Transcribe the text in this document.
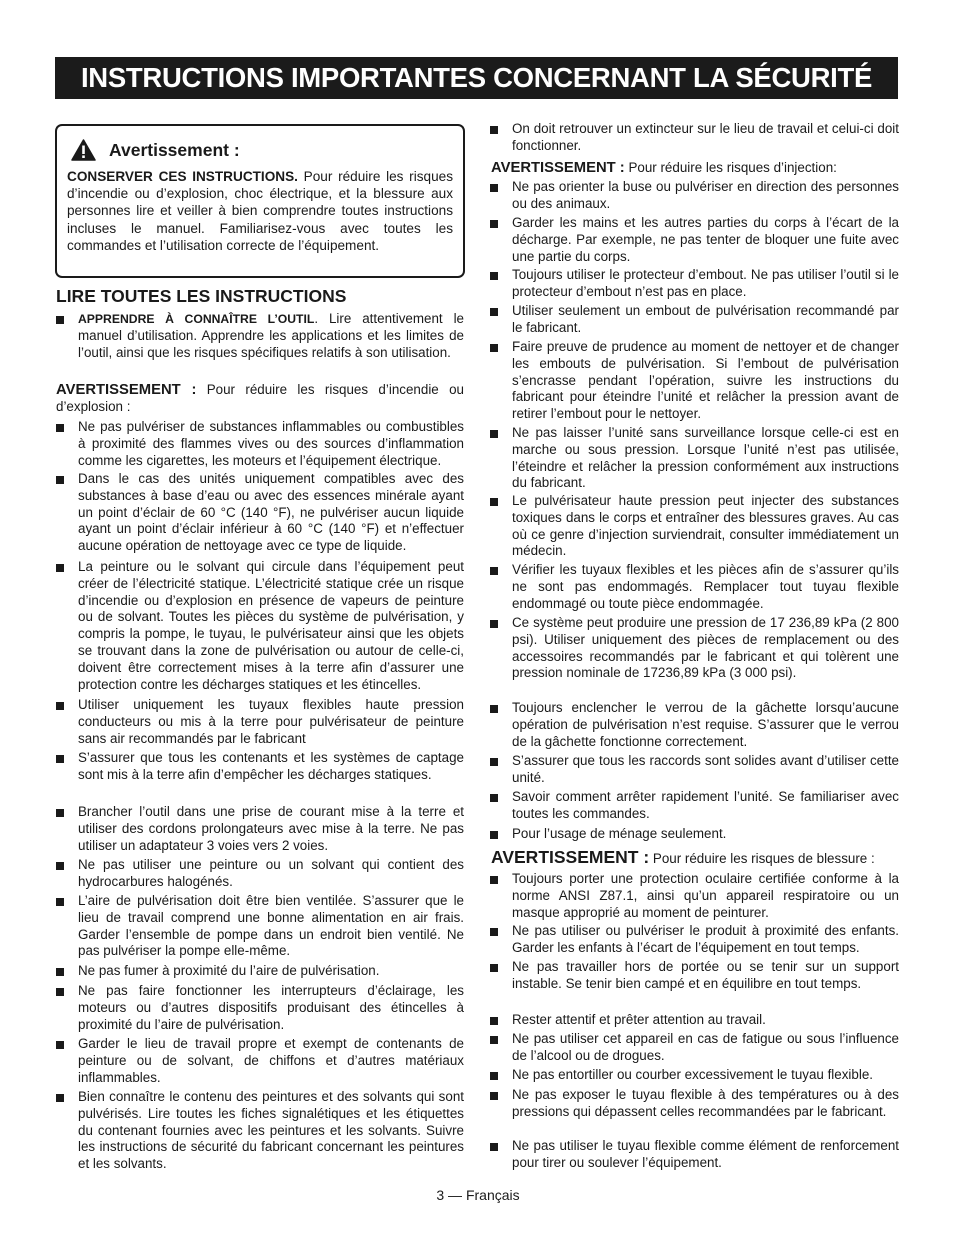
INSTRUCTIONS IMPORTANTES CONCERNANT LA SÉCURITÉ
Avertissement :
CONSERVER CES INSTRUCTIONS. Pour réduire les risques d’incendie ou d’explosion, choc électrique, et la blessure aux personnes lire et veiller à bien comprendre toutes instructions incluses le manuel. Familiarisez-vous avec toutes les commandes et l’utilisation correcte de l’équipement.
LIRE TOUTES LES INSTRUCTIONS
APPRENDRE À CONNAÎTRE L’OUTIL. Lire attentivement le manuel d’utilisation. Apprendre les applications et les limites de l’outil, ainsi que les risques spécifiques relatifs à son utilisation.
AVERTISSEMENT : Pour réduire les risques d’incendie ou d’explosion :
Ne pas pulvériser de substances inflammables ou combustibles à proximité des flammes vives ou des sources d’inflammation comme les cigarettes, les moteurs et l’équipement électrique.
Dans le cas des unités uniquement compatibles avec des substances à base d’eau ou avec des essences minérale ayant un point d’éclair de 60 °C (140 °F), ne pulvériser aucun liquide ayant un point d’éclair inférieur à 60 °C (140 °F) et n’effectuer aucune opération de nettoyage avec ce type de liquide.
La peinture ou le solvant qui circule dans l’équipement peut créer de l’électricité statique. L’électricité statique crée un risque d’incendie ou d’explosion en présence de vapeurs de peinture ou de solvant. Toutes les pièces du système de pulvérisation, y compris la pompe, le tuyau, le pulvérisateur ainsi que les objets se trouvant dans la zone de pulvérisation ou autour de celle-ci, doivent être correctement mises à la terre afin d’assurer une protection contre les décharges statiques et les étincelles.
Utiliser uniquement les tuyaux flexibles haute pression conducteurs ou mis à la terre pour pulvérisateur de peinture sans air recommandés par le fabricant
S’assurer que tous les contenants et les systèmes de captage sont mis à la terre afin d’empêcher les décharges statiques.
Brancher l’outil dans une prise de courant mise à la terre et utiliser des cordons prolongateurs avec mise à la terre. Ne pas utiliser un adaptateur 3 voies vers 2 voies.
Ne pas utiliser une peinture ou un solvant qui contient des hydrocarbures halogénés.
L’aire de pulvérisation doit être bien ventilée. S’assurer que le lieu de travail comprend une bonne alimentation en air frais. Garder l’ensemble de pompe dans un endroit bien ventilé. Ne pas pulvériser la pompe elle-même.
Ne pas fumer à proximité du l’aire de pulvérisation.
Ne pas faire fonctionner les interrupteurs d’éclairage, les moteurs ou d’autres dispositifs produisant des étincelles à proximité du l’aire de pulvérisation.
Garder le lieu de travail propre et exempt de contenants de peinture ou de solvant, de chiffons et d’autres matériaux inflammables.
Bien connaître le contenu des peintures et des solvants qui sont pulvérisés. Lire toutes les fiches signalétiques et les étiquettes du contenant fournies avec les peintures et les solvants. Suivre les instructions de sécurité du fabricant concernant les peintures et les solvants.
On doit retrouver un extincteur sur le lieu de travail et celui-ci doit fonctionner.
AVERTISSEMENT : Pour réduire les risques d’injection:
Ne pas orienter la buse ou pulvériser en direction des personnes ou des animaux.
Garder les mains et les autres parties du corps à l’écart de la décharge. Par exemple, ne pas tenter de bloquer une fuite avec une partie du corps.
Toujours utiliser le protecteur d’embout. Ne pas utiliser l’outil si le protecteur d’embout n’est pas en place.
Utiliser seulement un embout de pulvérisation recommandé par le fabricant.
Faire preuve de prudence au moment de nettoyer et de changer les embouts de pulvérisation. Si l’embout de pulvérisation s’encrasse pendant l’opération, suivre les instructions du fabricant pour éteindre l’unité et relâcher la pression avant de retirer l’embout pour le nettoyer.
Ne pas laisser l’unité sans surveillance lorsque celle-ci est en marche ou sous pression. Lorsque l’unité n’est pas utilisée, l’éteindre et relâcher la pression conformément aux instructions du fabricant.
Le pulvérisateur haute pression peut injecter des substances toxiques dans le corps et entraîner des blessures graves. Au cas où ce genre d’injection surviendrait, consulter immédiatement un médecin.
Vérifier les tuyaux flexibles et les pièces afin de s’assurer qu’ils ne sont pas endommagés. Remplacer tout tuyau flexible endommagé ou toute pièce endommagée.
Ce système peut produire une pression de 17 236,89 kPa (2 800 psi). Utiliser uniquement des pièces de remplacement ou des accessoires recommandés par le fabricant et qui tolèrent une pression nominale de 17236,89 kPa (3 000 psi).
Toujours enclencher le verrou de la gâchette lorsqu’aucune opération de pulvérisation n’est requise. S’assurer que le verrou de la gâchette fonctionne correctement.
S’assurer que tous les raccords sont solides avant d’utiliser cette unité.
Savoir comment arrêter rapidement l’unité. Se familiariser avec toutes les commandes.
Pour l’usage de ménage seulement.
AVERTISSEMENT : Pour réduire les risques de blessure :
Toujours porter une protection oculaire certifiée conforme à la norme ANSI Z87.1, ainsi qu’un appareil respiratoire ou un masque approprié au moment de peinturer.
Ne pas utiliser ou pulvériser le produit à proximité des enfants. Garder les enfants à l’écart de l’équipement en tout temps.
Ne pas travailler hors de portée ou se tenir sur un support instable. Se tenir bien campé et en équilibre en tout temps.
Rester attentif et prêter attention au travail.
Ne pas utiliser cet appareil en cas de fatigue ou sous l’influence de l’alcool ou de drogues.
Ne pas entortiller ou courber excessivement le tuyau flexible.
Ne pas exposer le tuyau flexible à des températures ou à des pressions qui dépassent celles recommandées par le fabricant.
Ne pas utiliser le tuyau flexible comme élément de renforcement pour tirer ou soulever l’équipement.
3 — Français
